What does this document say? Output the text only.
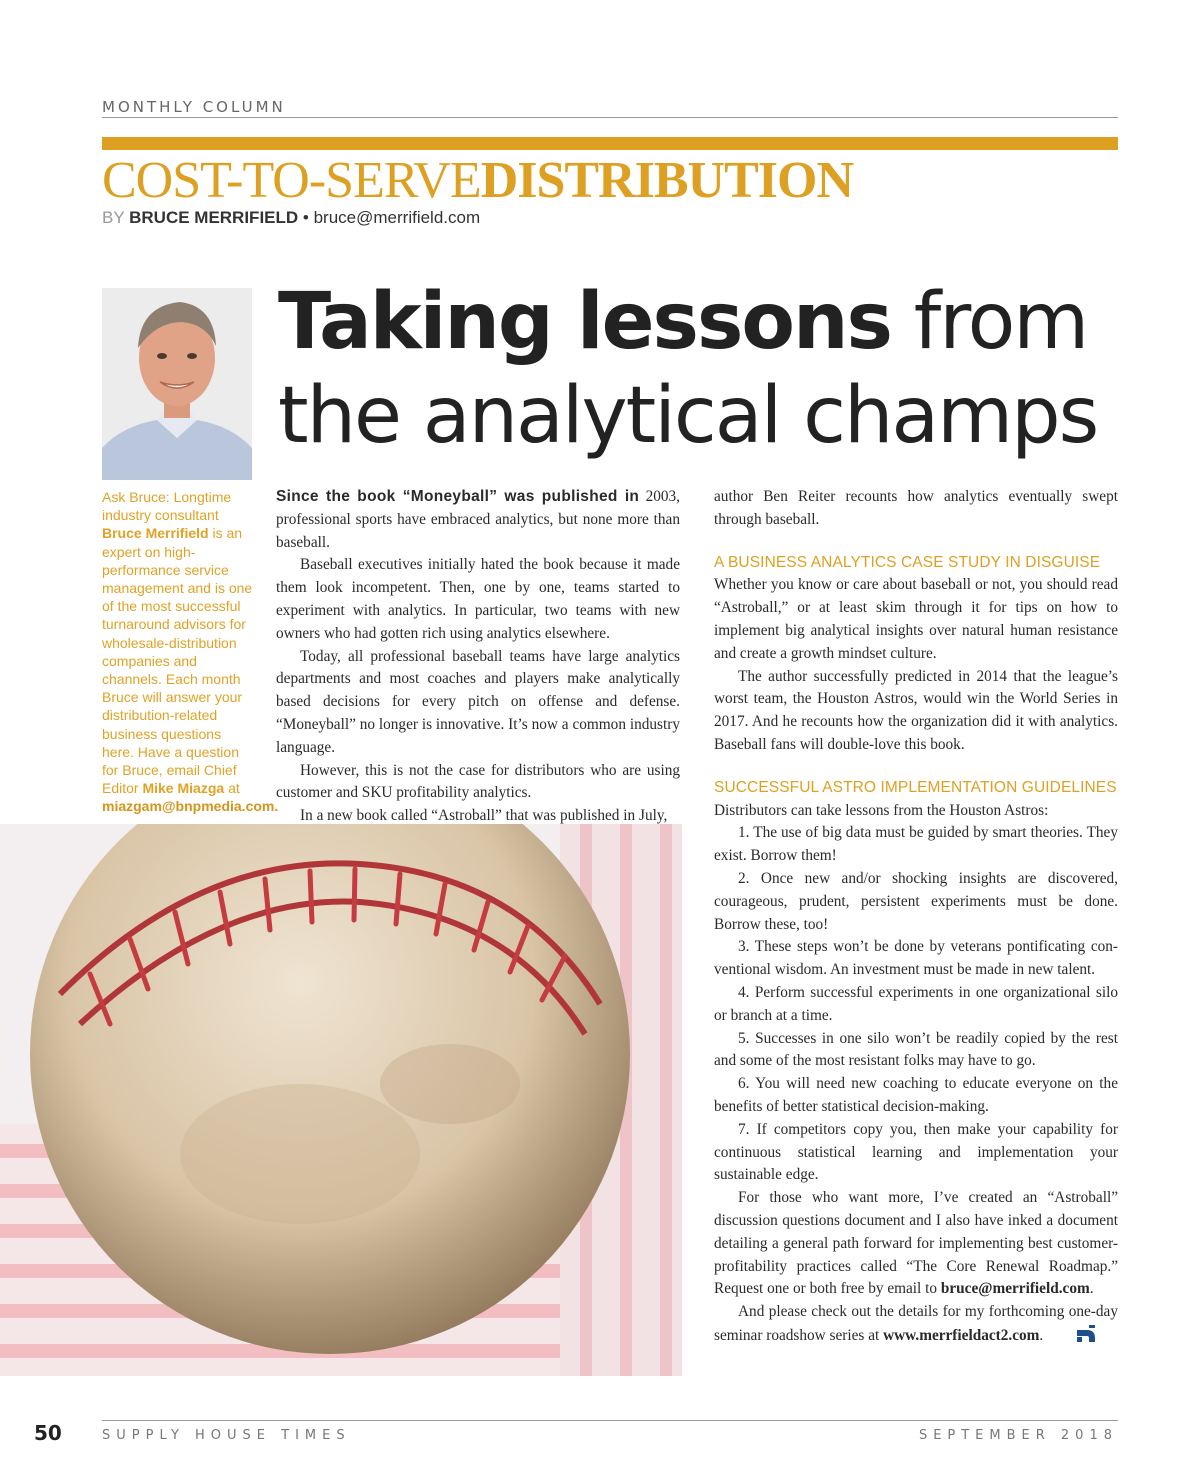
MONTHLY COLUMN
COST-TO-SERVEDISTRIBUTION
BY BRUCE MERRIFIELD • bruce@merrifield.com
Taking lessons from
the analytical champs
Ask Bruce: Longtime industry consultant Bruce Merrifield is an expert on high-performance service management and is one of the most successful turnaround advisors for wholesale-distribution companies and channels. Each month Bruce will answer your distribution-related business questions here. Have a question for Bruce, email Chief Editor Mike Miazga at miazgam@bnpmedia.com.

Since the book “Moneyball” was published in 2003, professional sports have embraced analytics, but none more than baseball.

Baseball executives initially hated the book because it made them look incompetent. Then, one by one, teams started to experiment with analytics. In particular, two teams with new owners who had gotten rich using analytics elsewhere.

Today, all professional baseball teams have large analytics departments and most coaches and players make analytically based decisions for every pitch on offense and defense. “Moneyball” no longer is innovative. It’s now a common industry language.

However, this is not the case for distributors who are using customer and SKU profitability analytics.

In a new book called “Astroball” that was published in July,

author Ben Reiter recounts how analytics eventually swept through baseball.

A BUSINESS ANALYTICS CASE STUDY IN DISGUISE

Whether you know or care about baseball or not, you should read “Astroball,” or at least skim through it for tips on how to implement big analytical insights over natural human resistance and create a growth mindset culture.

The author successfully predicted in 2014 that the league’s worst team, the Houston Astros, would win the World Series in 2017. And he recounts how the organization did it with analytics. Baseball fans will double-love this book.

SUCCESSFUL ASTRO IMPLEMENTATION GUIDELINES

Distributors can take lessons from the Houston Astros:

1. The use of big data must be guided by smart theories. They exist. Borrow them!

2. Once new and/or shocking insights are discovered, courageous, prudent, persistent experiments must be done. Borrow these, too!

3. These steps won’t be done by veterans pontificating con-ventional wisdom. An investment must be made in new talent.

4. Perform successful experiments in one organizational silo or branch at a time.

5. Successes in one silo won’t be readily copied by the rest and some of the most resistant folks may have to go.

6. You will need new coaching to educate everyone on the benefits of better statistical decision-making.

7. If competitors copy you, then make your capability for continuous statistical learning and implementation your sustainable edge.

For those who want more, I’ve created an “Astroball” discussion questions document and I also have inked a document detailing a general path forward for implementing best customer-profitability practices called “The Core Renewal Roadmap.” Request one or both free by email to bruce@merrifield.com.

And please check out the details for my forthcoming one-day seminar roadshow series at www.merrfieldact2.com.

50	SUPPLY HOUSE TIMES	SEPTEMBER 2018
